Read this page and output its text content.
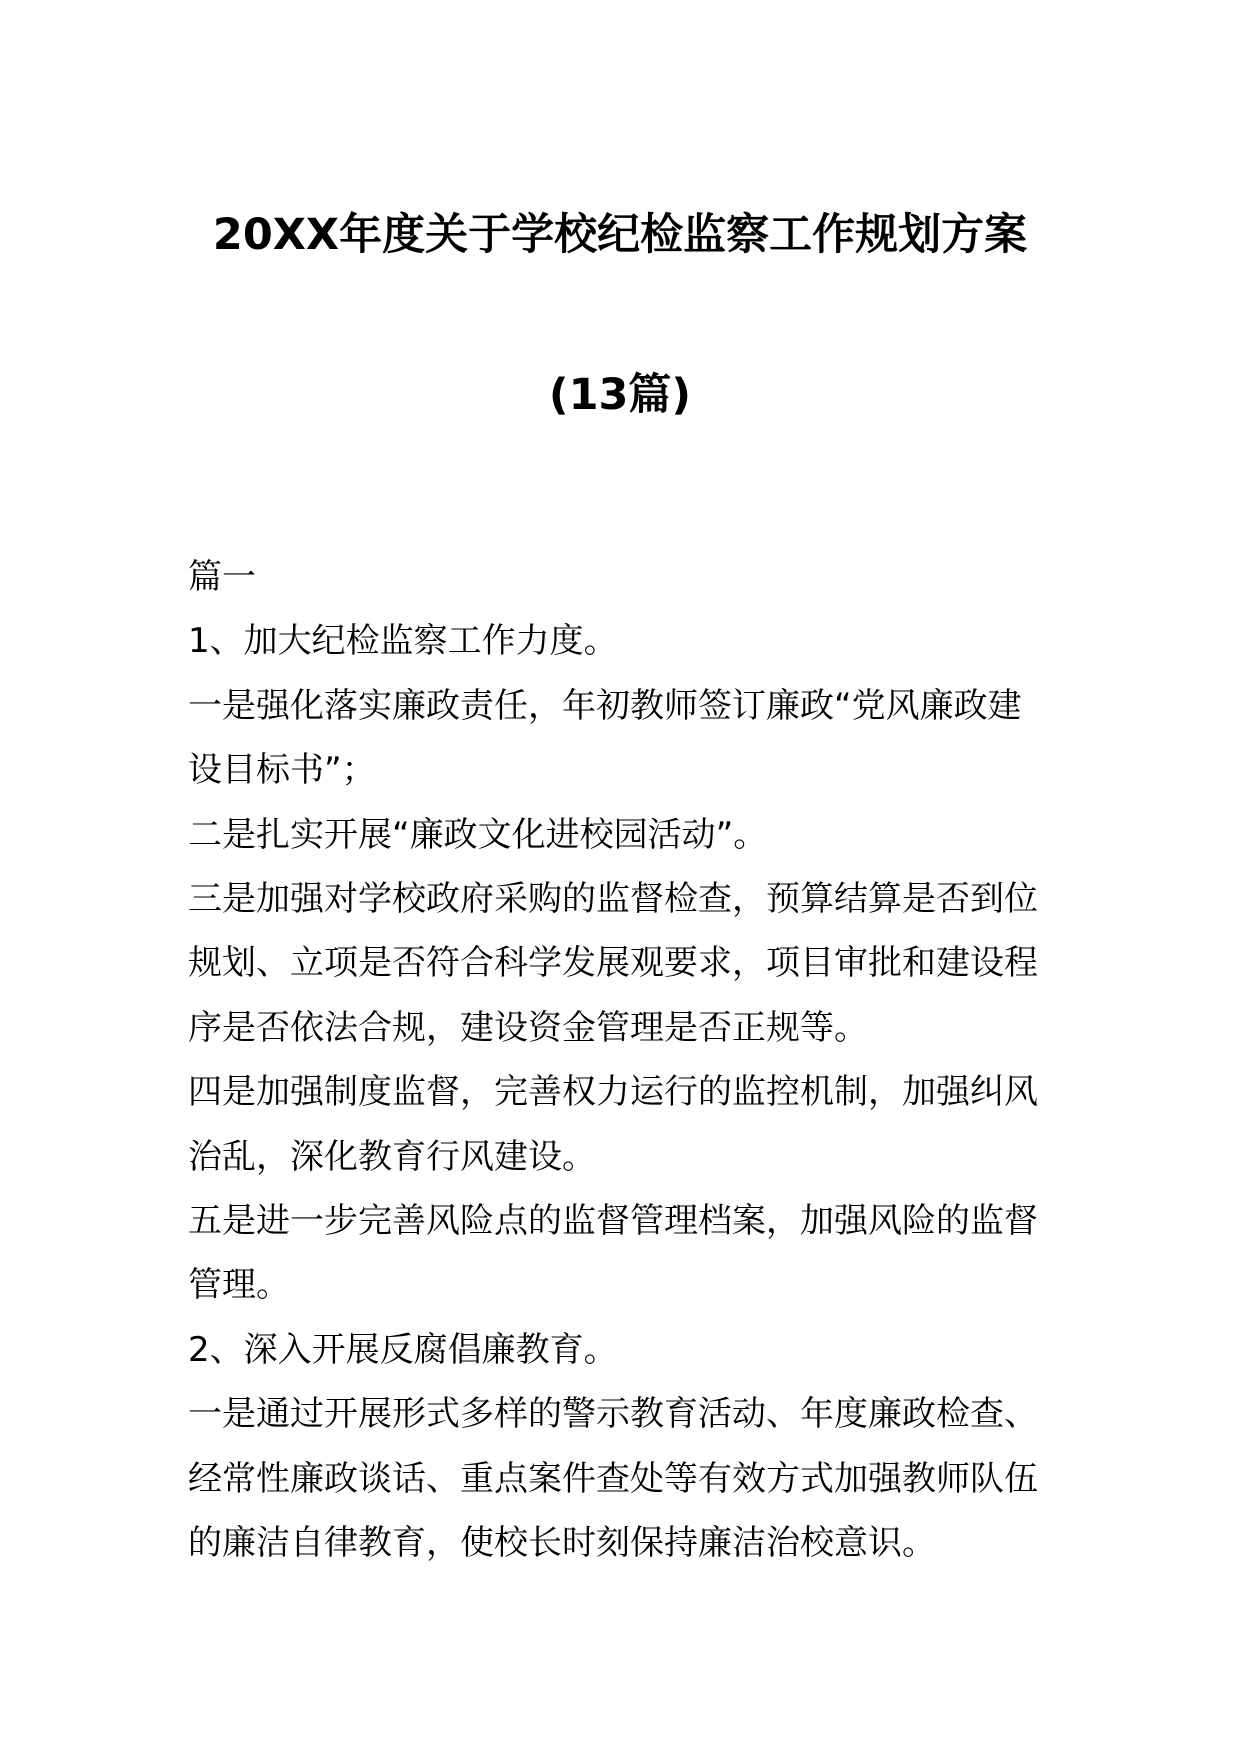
20XX年度关于学校纪检监察工作规划方案
(13篇)

篇一

1、加大纪检监察工作力度。

一是强化落实廉政责任，年初教师签订廉政“党风廉政建

设目标书”；

二是扎实开展“廉政文化进校园活动”。

三是加强对学校政府采购的监督检查，预算结算是否到位

规划、立项是否符合科学发展观要求，项目审批和建设程

序是否依法合规，建设资金管理是否正规等。

四是加强制度监督，完善权力运行的监控机制，加强纠风

治乱，深化教育行风建设。

五是进一步完善风险点的监督管理档案，加强风险的监督

管理。

2、深入开展反腐倡廉教育。

一是通过开展形式多样的警示教育活动、年度廉政检查、

经常性廉政谈话、重点案件查处等有效方式加强教师队伍

的廉洁自律教育，使校长时刻保持廉洁治校意识。
